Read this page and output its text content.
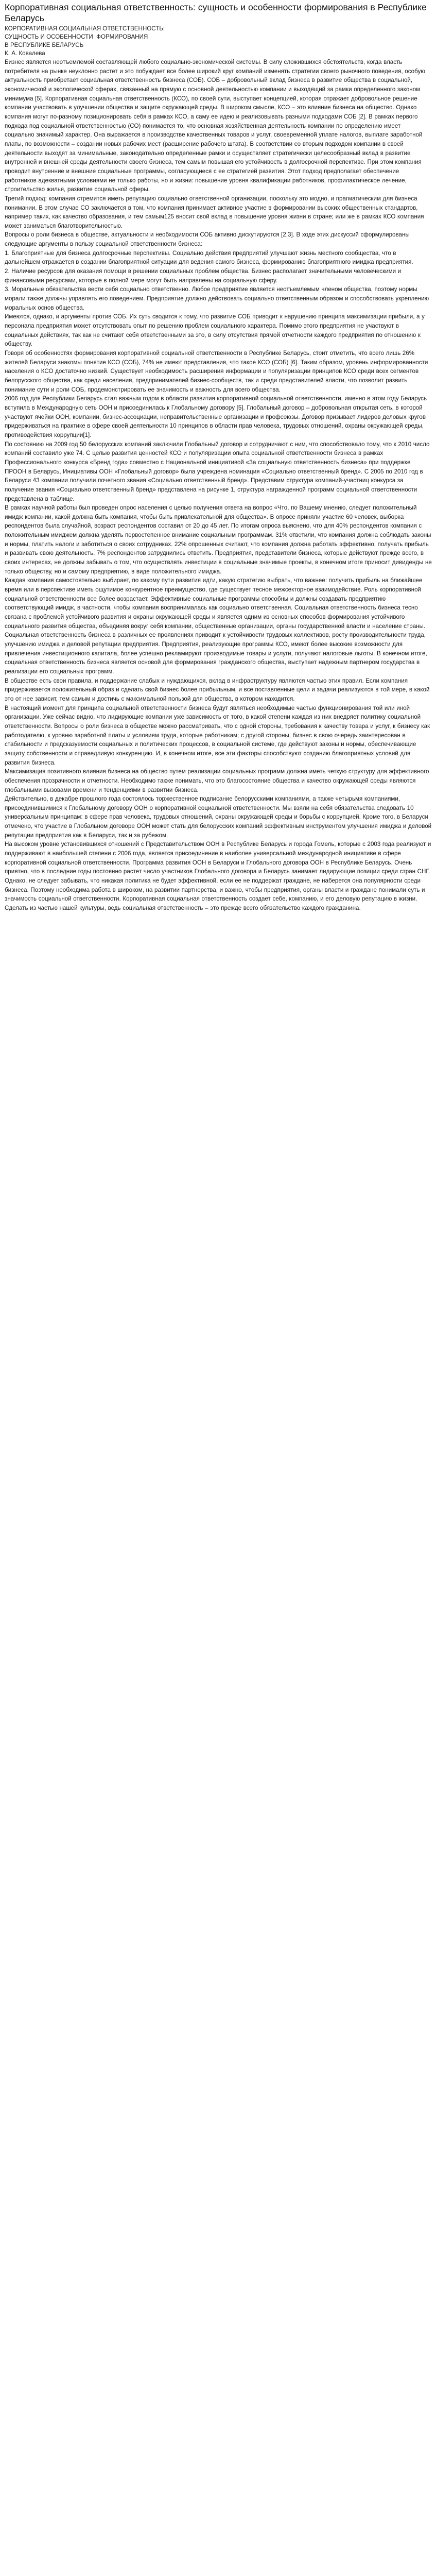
Корпоративная социальная ответственность: сущность и особенности формирования в Республике Беларусь

КОРПОРАТИВНАЯ СОЦИАЛЬНАЯ ОТВЕТСТВЕННОСТЬ:

СУЩНОСТЬ И ОСОБЕННОСТИ  ФОРМИРОВАНИЯ

В РЕСПУБЛИКЕ БЕЛАРУСЬ

К. А. Ковалева

Бизнес является неотъемлемой составляющей любого социально-экономической системы. В силу сложившихся обстоятельств, когда власть потребителя на рынке неуклонно растет и это побуждает все более широкий круг компаний изменять стратегии своего рыночного поведения, особую актуальность приобретает социальная ответственность бизнеса (СОБ). СОБ – добровольный вклад бизнеса в развитие общества в социальной, экономической и экологической сферах, связанный на прямую с основной деятельностью компании и выходящий за рамки определенного законом минимума [5]. Корпоративная социальная ответственность (КСО), по своей сути, выступает концепцией, которая отражает добровольное решение компании участвовать в улучшении общества и защите окружающей среды. В широком смысле, КСО – это влияние бизнеса на общество. Однако компания могут по-разному позиционировать себя в рамках КСО, а саму ее идею и реализовывать разными подходами СОБ [2]. В рамках первого подхода под социальной ответственностью (СО) понимается то, что основная хозяйственная деятельность компании по определению имеет социально значимый характер. Она выражается в производстве качественных товаров и услуг, своевременной уплате налогов, выплате заработной платы, по возможности – создании новых рабочих мест (расширение рабочего штата). В соответствии со вторым подходом компании в своей деятельности выходят за минимальные, законодательно определенные рамки и осуществляет стратегически целесообразный вклад в развитие внутренней и внешней среды деятельности своего бизнеса, тем самым повышая его устойчивость в долгосрочной перспективе. При этом компания проводит внутренние и внешние социальные программы, согласующиеся с ее стратегией развития. Этот подход предполагает обеспечение работников адекватными условиями не только работы, но и жизни: повышение уровня квалификации работников, профилактическое лечение, строительство жилья, развитие социальной сферы.

Третий подход: компания стремится иметь репутацию социально ответственной организации, поскольку это модно, и прагматическим для бизнеса понимании. В этом случае СО заключается в том, что компания принимает активное участие в формировании высоких общественных стандартов, например таких, как качество образования, и тем самым125 вносит свой вклад в повышение уровня жизни в стране; или же в рамках КСО компания может заниматься благотворительностью.

Вопросы о роли бизнеса в обществе, актуальности и необходимости СОБ активно дискутируются [2,3]. В ходе этих дискуссий сформулированы следующие аргументы в пользу социальной ответственности бизнеса:

1. Благоприятные для бизнеса долгосрочные перспективы. Социально действия предприятий улучшают жизнь местного сообщества, что в дальнейшем отражается в создании благоприятной ситуации для ведения самого бизнеса, формированию благоприятного имиджа предприятия.

2. Наличие ресурсов для оказания помощи в решении социальных проблем общества. Бизнес располагает значительными человеческими и финансовыми ресурсами, которые в полной мере могут быть направлены на социальную сферу.

3. Моральные обязательства вести себя социально ответственно. Любое предприятие является неотъемлемым членом общества, поэтому нормы морали также должны управлять его поведением. Предприятие должно действовать социально ответственным образом и способствовать укреплению моральных основ общества.

Имеются, однако, и аргументы против СОБ. Их суть сводится к тому, что развитие СОБ приводит к нарушению принципа максимизации прибыли, а у персонала предприятия может отсутствовать опыт по решению проблем социального характера. Помимо этого предприятия не участвуют в социальных действиях, так как не считают себя ответственными за это, в силу отсутствия прямой отчетности каждого предприятия по отношению к обществу.

Говоря об особенностях формирования корпоративной социальной ответственности в Республике Беларусь, стоит отметить, что всего лишь 26% жителей Беларуси знакомы понятие КСО (СОБ), 74% не имеют представления, что такое КСО (СОБ) [6]. Таким образом, уровень информированности населения о КСО достаточно низкий. Существует необходимость расширения информации и популяризации принципов КСО среди всех сегментов белорусского общества, как среди населения, предпринимателей бизнес-сообществ, так и среди представителей власти, что позволит развить понимание сути и роли СОБ, продемонстрировать ее значимость и важность для всего общества.

2006 год для Республики Беларусь стал важным годом в области развития корпоративной социальной ответственности, именно в этом году Беларусь вступила в Международную сеть ООН и присоединилась к Глобальному договору [5]. Глобальный договор – добровольная открытая сеть, в которой участвуют ячейки ООН, компании, бизнес-ассоциации, неправительственные организации и профсоюзы. Договор призывает лидеров деловых кругов придерживаться на практике в сфере своей деятельности 10 принципов в области прав человека, трудовых отношений, охраны окружающей среды, противодействия коррупции[1].

По состоянию на 2009 год 50 белорусских компаний заключили Глобальный договор и сотрудничают с ним, что способствовало тому, что к 2010 число компаний составило уже 74. С целью развития ценностей КСО и популяризации опыта социальной ответственности бизнеса в рамках Профессионального конкурса «Бренд года» совместно с Национальной инициативой «За социальную ответственность бизнеса» при поддержке ПРООН в Беларусь, Инициативы ООН «Глобальный договор» была учреждена номинация «Социально ответственный бренд». С 2005 по 2010 год в Беларуси 43 компании получили почетного звания «Социально ответственный бренд». Представим структура компаний-участниц конкурса за получение звания «Социально ответственный бренд» представлена на рисунке 1, структура награжденной программ социальной ответственности представлена в таблице.

В рамках научной работы был проведен опрос населения с целью получения ответа на вопрос «Что, по Вашему мнению, следует положительный имидж компании, какой должна быть компания, чтобы быть привлекательной для общества». В опросе приняли участие 60 человек, выборка респондентов была случайной, возраст респондентов составил от 20 до 45 лет. По итогам опроса выяснено, что для 40% респондентов компания с положительным имиджем должна уделять первостепенное внимание социальным программам. 31% ответили, что компания должна соблюдать законы и нормы, платить налоги и заботиться о своих сотрудниках. 22% опрошенных считают, что компания должна работать эффективно, получать прибыль и развивать свою деятельность. 7% респондентов затруднились ответить. Предприятия, представители бизнеса, которые действуют прежде всего, в своих интересах, не должны забывать о том, что осуществлять инвестиции в социальные значимые проекты, в конечном итоге приносит дивиденды не только обществу, но и самому предприятию, в виде положительного имиджа.

Каждая компания самостоятельно выбирает, по какому пути развития идти, какую стратегию выбрать, что важнее: получить прибыль на ближайшее время или в перспективе иметь ощутимое конкурентное преимущество, где существует тесное межсекторное взаимодействие. Роль корпоративной социальной ответственности все более возрастает. Эффективные социальные программы способны и должны создавать предприятию соответствующий имидж, в частности, чтобы компания воспринималась как социально ответственная. Социальная ответственность бизнеса тесно связана с проблемой устойчивого развития и охраны окружающей среды и является одним из основных способов формирования устойчивого социального развития общества, объединяя вокруг себя компании, общественные организации, органы государственной власти и население страны.

Социальная ответственность бизнеса в различных ее проявлениях приводит к устойчивости трудовых коллективов, росту производительности труда, улучшению имиджа и деловой репутации предприятия. Предприятия, реализующие программы КСО, имеют более высокие возможности для привлечения инвестиционного капитала, более успешно рекламируют производимые товары и услуги, получают налоговые льготы. В конечном итоге, социальная ответственность бизнеса является основой для формирования гражданского общества, выступает надежным партнером государства в реализации его социальных программ.

В обществе есть свои правила, и поддержание слабых и нуждающихся, вклад в инфраструктуру являются частью этих правил. Если компания придерживается положительный образ и сделать свой бизнес более прибыльным, и все поставленные цели и задачи реализуются в той мере, в какой это от нее зависит, тем самым и достичь с максимальной пользой для общества, в котором находится.

В настоящий момент для принципа социальной ответственности бизнеса будут являться необходимые частью функционирования той или иной организации. Уже сейчас видно, что лидирующие компании уже зависимость от того, в какой степени каждая из них внедряет политику социальной ответственности. Вопросы о роли бизнеса в обществе можно рассматривать, что с одной стороны, требования к качеству товара и услуг, к бизнесу как работодателю, к уровню заработной платы и условиям труда, которые работникам; с другой стороны, бизнес в свою очередь заинтересован в стабильности и предсказуемости социальных и политических процессов, в социальной системе, где действуют законы и нормы, обеспечивающие защиту собственности и справедливую конкуренцию. И, в конечном итоге, все эти факторы способствуют созданию благоприятных условий для развития бизнеса.

Максимизация позитивного влияния бизнеса на общество путем реализации социальных программ должна иметь четкую структуру для эффективного обеспечения прозрачности и отчетности. Необходимо также понимать, что это благосостояние общества и качество окружающей среды являются глобальными вызовами времени и тенденциями в развитии бизнеса.

Действительно, в декабре прошлого года состоялось торжественное подписание белорусскими компаниями, а также четырьмя компаниями, присоединившимися к Глобальному договору ООН о корпоративной социальной ответственности. Мы взяли на себя обязательства следовать 10 универсальным принципам: в сфере прав человека, трудовых отношений, охраны окружающей среды и борьбы с коррупцией. Кроме того, в Беларуси отмечено, что участие в Глобальном договоре ООН может стать для белорусских компаний эффективным инструментом улучшения имиджа и деловой репутации предприятия как в Беларуси, так и за рубежом.

На высоком уровне установившихся отношений с Представительством ООН в Республике Беларусь и города Гомель, которые с 2003 года реализуют и поддерживают в наибольшей степени с 2006 года, является присоединение в наиболее универсальной международной инициативе в сфере корпоративной социальной ответственности. Программа развития ООН в Беларуси и Глобального договора ООН в Республике Беларусь. Очень приятно, что в последние годы постоянно растет число участников Глобального договора и Беларусь занимает лидирующие позиции среди стран СНГ. Однако, не следует забывать, что никакая политика не будет эффективной, если ее не поддержат граждане, не наберется она популярности среди бизнеса. Поэтому необходима работа в широком, на развитии партнерства, и важно, чтобы предприятия, органы власти и граждане понимали суть и значимость социальной ответственности. Корпоративная социальная ответственность создает себе, компанию, и его деловую репутацию в жизни. Сделать из частью нашей культуры, ведь социальная ответственность – это прежде всего обязательство каждого гражданина.
